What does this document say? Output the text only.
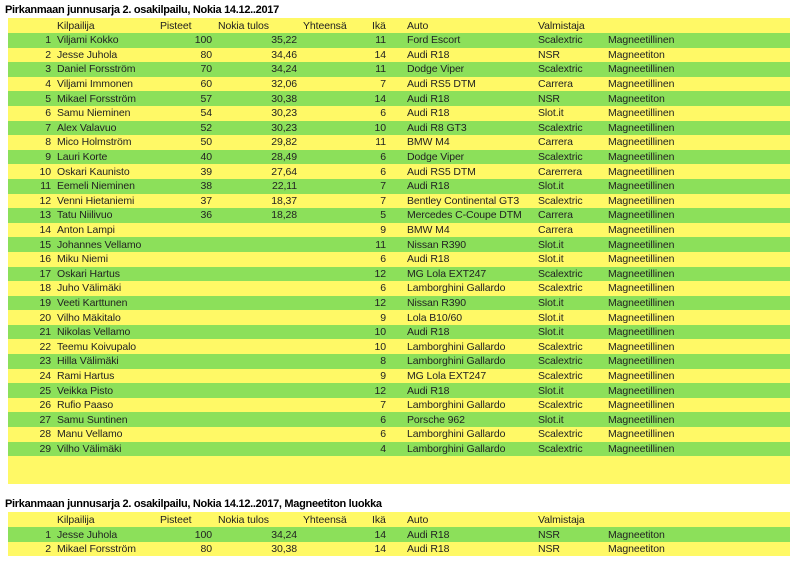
Pirkanmaan junnusarja 2. osakilpailu, Nokia 14.12..2017
	Kilpailija	Pisteet	Nokia tulos	Yhteensä	Ikä		Auto	Valmistaja		
1	Viljami Kokko	100	35,22		11		Ford Escort	Scalextric	Magneetillinen	
2	Jesse Juhola	80	34,46		14		Audi R18	NSR	Magneetiton	
3	Daniel Forsström	70	34,24		11		Dodge Viper	Scalextric	Magneetillinen	
4	Viljami Immonen	60	32,06		7		Audi RS5 DTM	Carrera	Magneetillinen	
5	Mikael Forsström	57	30,38		14		Audi R18	NSR	Magneetiton	
6	Samu Nieminen	54	30,23		6		Audi R18	Slot.it	Magneetillinen	
7	Alex Valavuo	52	30,23		10		Audi R8 GT3	Scalextric	Magneetillinen	
8	Mico Holmström	50	29,82		11		BMW M4	Carrera	Magneetillinen	
9	Lauri Korte	40	28,49		6		Dodge Viper	Scalextric	Magneetillinen	
10	Oskari Kaunisto	39	27,64		6		Audi RS5 DTM	Carerrera	Magneetillinen	
11	Eemeli Nieminen	38	22,11		7		Audi R18	Slot.it	Magneetillinen	
12	Venni Hietaniemi	37	18,37		7		Bentley Continental GT3	Scalextric	Magneetillinen	
13	Tatu Niilivuo	36	18,28		5		Mercedes C-Coupe DTM	Carrera	Magneetillinen	
14	Anton Lampi				9		BMW M4	Carrera	Magneetillinen	
15	Johannes Vellamo				11		Nissan R390	Slot.it	Magneetillinen	
16	Miku Niemi				6		Audi R18	Slot.it	Magneetillinen	
17	Oskari Hartus				12		MG Lola EXT247	Scalextric	Magneetillinen	
18	Juho Välimäki				6		Lamborghini Gallardo	Scalextric	Magneetillinen	
19	Veeti Karttunen				12		Nissan R390	Slot.it	Magneetillinen	
20	Vilho Mäkitalo				9		Lola B10/60	Slot.it	Magneetillinen	
21	Nikolas Vellamo				10		Audi R18	Slot.it	Magneetillinen	
22	Teemu Koivupalo				10		Lamborghini Gallardo	Scalextric	Magneetillinen	
23	Hilla Välimäki				8		Lamborghini Gallardo	Scalextric	Magneetillinen	
24	Rami Hartus				9		MG Lola EXT247	Scalextric	Magneetillinen	
25	Veikka Pisto				12		Audi R18	Slot.it	Magneetillinen	
26	Rufio Paaso				7		Lamborghini Gallardo	Scalextric	Magneetillinen	
27	Samu Suntinen				6		Porsche 962	Slot.it	Magneetillinen	
28	Manu Vellamo				6		Lamborghini Gallardo	Scalextric	Magneetillinen	
29	Vilho Välimäki				4		Lamborghini Gallardo	Scalextric	Magneetillinen	
Pirkanmaan junnusarja 2. osakilpailu, Nokia 14.12..2017, Magneetiton luokka
	Kilpailija	Pisteet	Nokia tulos	Yhteensä	Ikä		Auto	Valmistaja		
1	Jesse Juhola	100	34,24		14		Audi R18	NSR	Magneetiton	
2	Mikael Forsström	80	30,38		14		Audi R18	NSR	Magneetiton	
